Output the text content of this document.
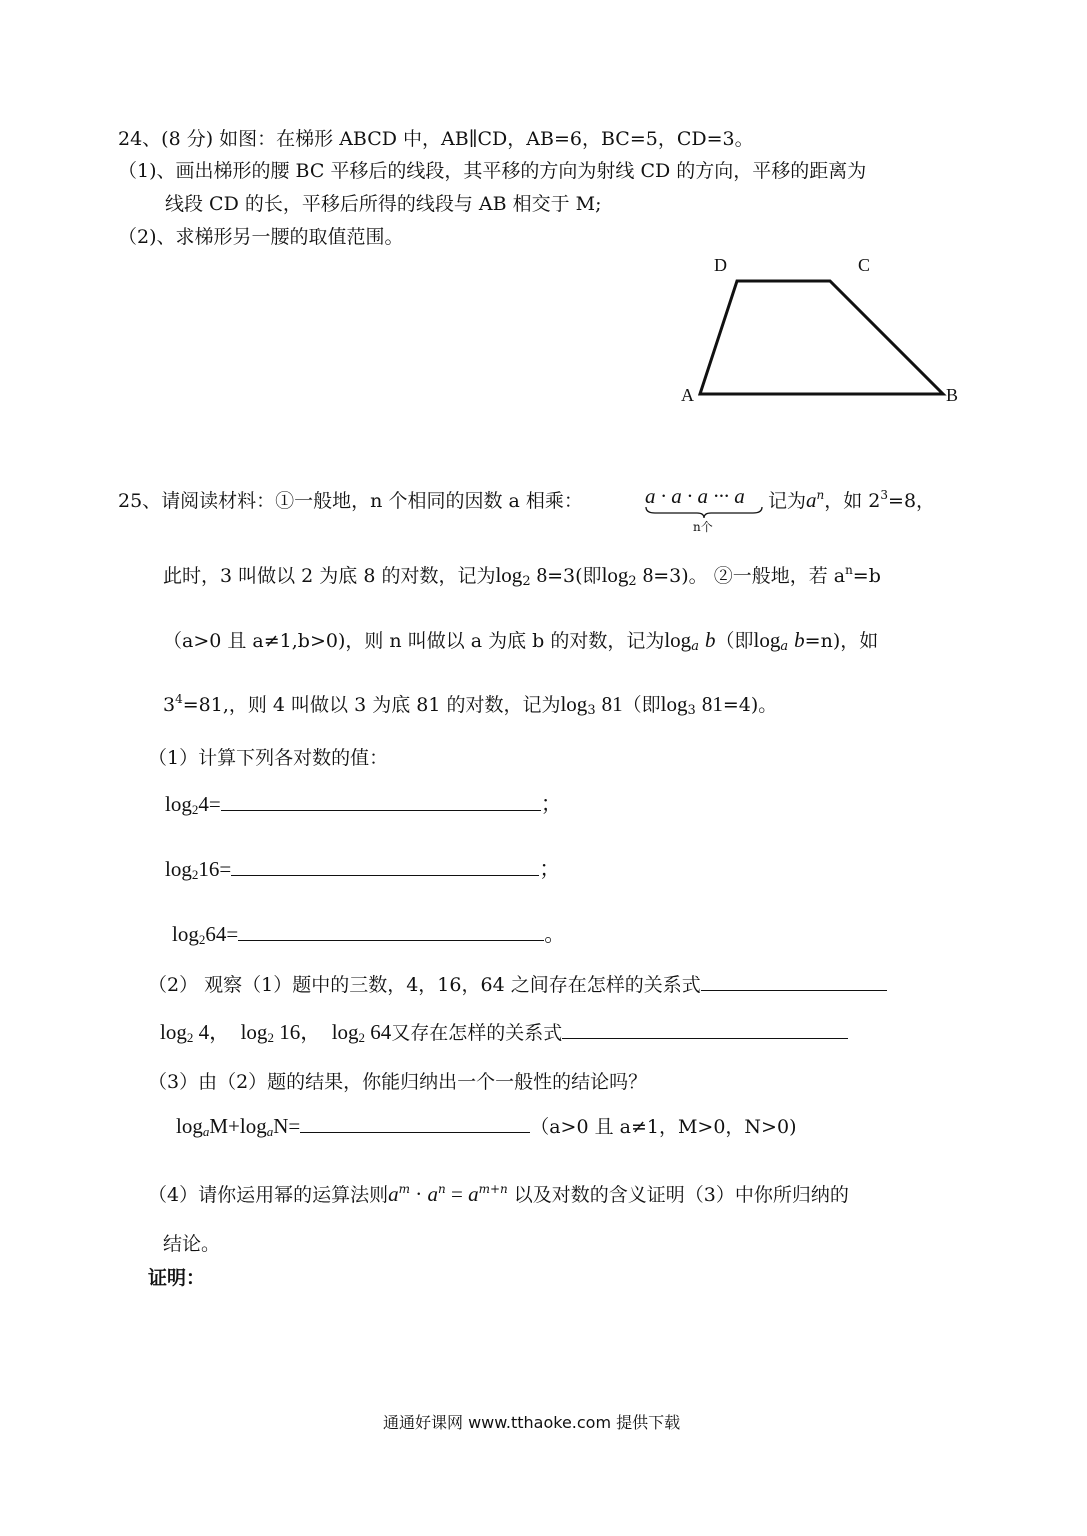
24、(8 分) 如图：在梯形 ABCD 中，AB∥CD，AB=6，BC=5，CD=3。
（1)、画出梯形的腰 BC 平移后的线段，其平移的方向为射线 CD 的方向，平移的距离为
线段 CD 的长，平移后所得的线段与 AB 相交于 M;
（2)、求梯形另一腰的取值范围。
D	C
A	B
25、请阅读材料：①一般地，n 个相同的因数 a 相乘：	a · a · a ··· a
n个
记为$a^n$，如 $2^3=8$，
此时，3 叫做以 2 为底 8 的对数，记为$\log_2 8=3$(即$\log_2 8=3$)。 ②一般地，若 $a^n=b$
（a>0 且 a≠1,b>0)，则 n 叫做以 a 为底 b 的对数，记为$\log_a b$（即$\log_a b=n$)，如
$3^4=81$,，则 4 叫做以 3 为底 81 的对数，记为$\log_3 81$（即$\log_3 81=4$)。
（1）计算下列各对数的值：
$\log_24=$	；
$\log_216=$	；
$\log_264=$	。
（2） 观察（1）题中的三数，4，16，64 之间存在怎样的关系式
$\log_2 4$， $\log_2 16$， $\log_2 64$又存在怎样的关系式
（3）由（2）题的结果，你能归纳出一个一般性的结论吗？
$\log_aM+\log_aN=$	（a>0 且 a≠1，M>0，N>0)
（4）请你运用幂的运算法则$a^m \cdot a^n = a^{m+n}$ 以及对数的含义证明（3）中你所归纳的
结论。
证明：
通通好课网 www.tthaoke.com 提供下载
